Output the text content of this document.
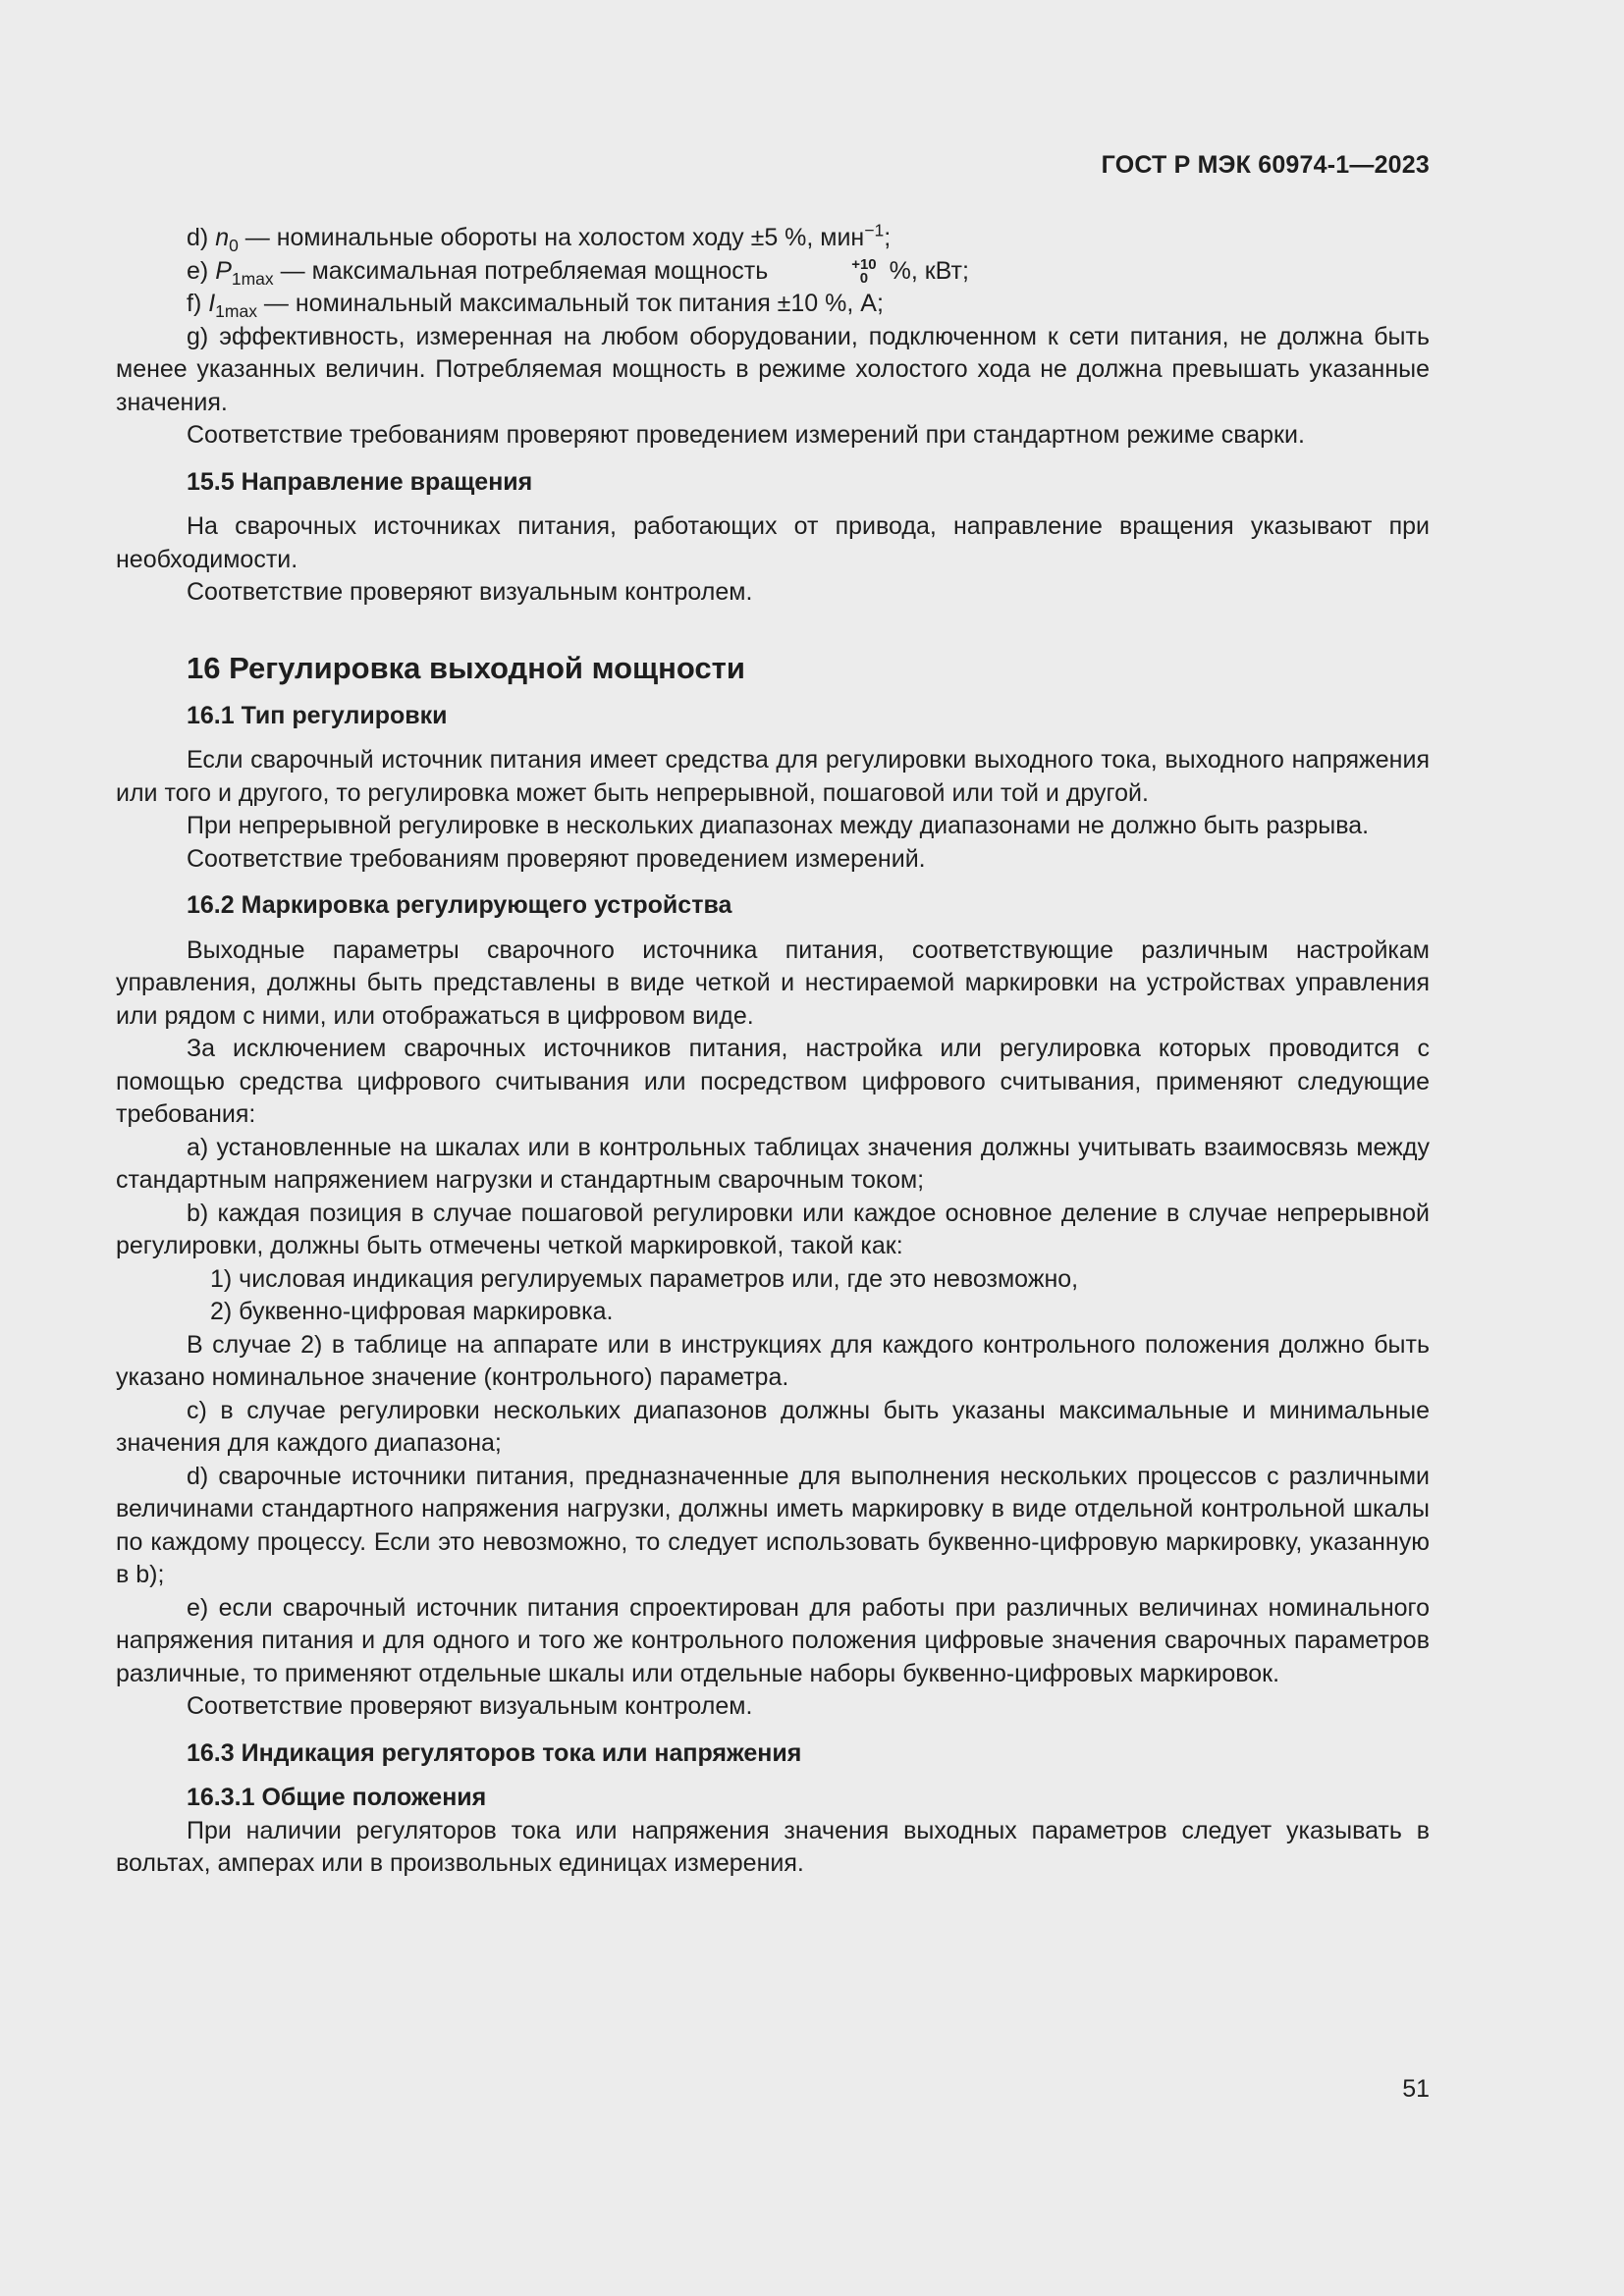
ГОСТ Р МЭК 60974-1—2023

d) $n_0$ — номинальные обороты на холостом ходу ±5 %, мин$^{-1}$;

e) $P_{1max}$ — максимальная потребляемая мощность	+10
0 %, кВт;

f) $I_{1max}$ — номинальный максимальный ток питания ±10 %, А;

g) эффективность, измеренная на любом оборудовании, подключенном к сети питания, не должна быть менее указанных величин. Потребляемая мощность в режиме холостого хода не должна превышать указанные значения.

Соответствие требованиям проверяют проведением измерений при стандартном режиме сварки.

15.5 Направление вращения

На сварочных источниках питания, работающих от привода, направление вращения указывают при необходимости.

Соответствие проверяют визуальным контролем.

16 Регулировка выходной мощности

16.1 Тип регулировки

Если сварочный источник питания имеет средства для регулировки выходного тока, выходного напряжения или того и другого, то регулировка может быть непрерывной, пошаговой или той и другой.

При непрерывной регулировке в нескольких диапазонах между диапазонами не должно быть разрыва.

Соответствие требованиям проверяют проведением измерений.

16.2 Маркировка регулирующего устройства

Выходные параметры сварочного источника питания, соответствующие различным настройкам управления, должны быть представлены в виде четкой и нестираемой маркировки на устройствах управления или рядом с ними, или отображаться в цифровом виде.

За исключением сварочных источников питания, настройка или регулировка которых проводится с помощью средства цифрового считывания или посредством цифрового считывания, применяют следующие требования:

a) установленные на шкалах или в контрольных таблицах значения должны учитывать взаимосвязь между стандартным напряжением нагрузки и стандартным сварочным током;

b) каждая позиция в случае пошаговой регулировки или каждое основное деление в случае непрерывной регулировки, должны быть отмечены четкой маркировкой, такой как:

1) числовая индикация регулируемых параметров или, где это невозможно,

2) буквенно-цифровая маркировка.

В случае 2) в таблице на аппарате или в инструкциях для каждого контрольного положения должно быть указано номинальное значение (контрольного) параметра.

c) в случае регулировки нескольких диапазонов должны быть указаны максимальные и минимальные значения для каждого диапазона;

d) сварочные источники питания, предназначенные для выполнения нескольких процессов с различными величинами стандартного напряжения нагрузки, должны иметь маркировку в виде отдельной контрольной шкалы по каждому процессу. Если это невозможно, то следует использовать буквенно-цифровую маркировку, указанную в b);

e) если сварочный источник питания спроектирован для работы при различных величинах номинального напряжения питания и для одного и того же контрольного положения цифровые значения сварочных параметров различные, то применяют отдельные шкалы или отдельные наборы буквенно-цифровых маркировок.

Соответствие проверяют визуальным контролем.

16.3 Индикация регуляторов тока или напряжения

16.3.1 Общие положения

При наличии регуляторов тока или напряжения значения выходных параметров следует указывать в вольтах, амперах или в произвольных единицах измерения.

51
